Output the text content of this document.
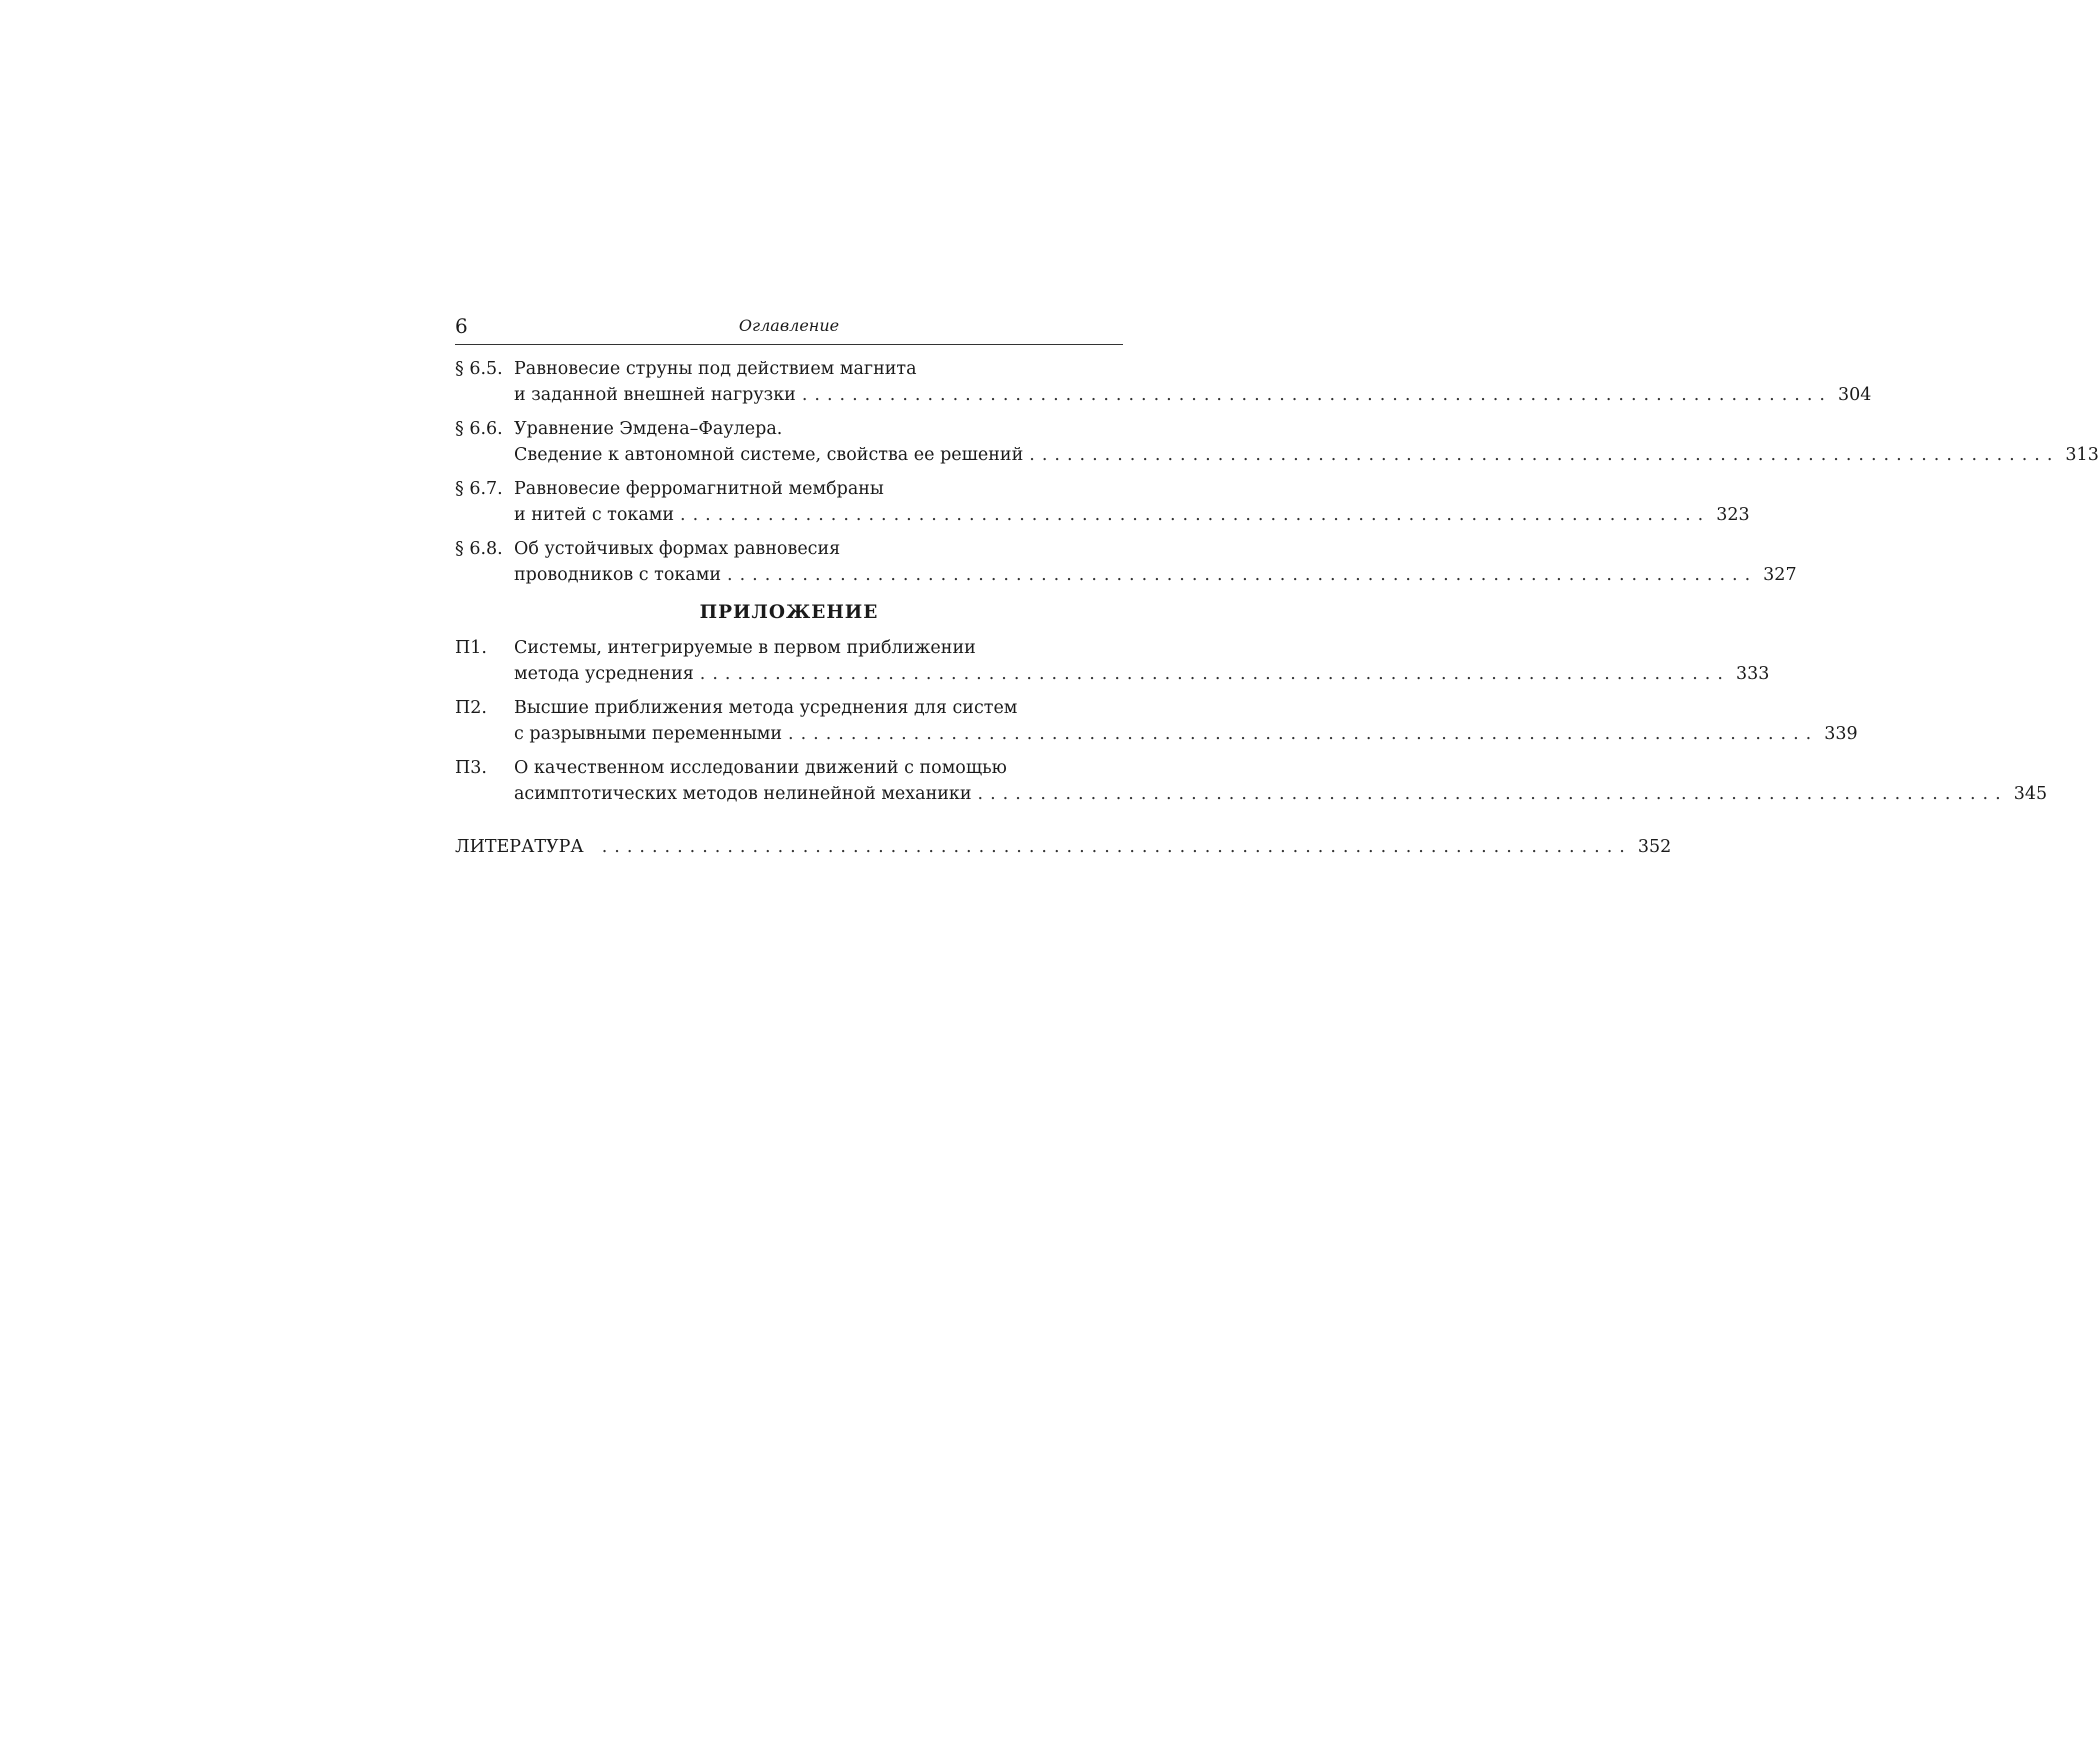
6	Оглавление
§ 6.5. Равновесие струны под действием магнита
и заданной внешней нагрузки .................................................................................. 304
§ 6.6. Уравнение Эмдена–Фаулера.
Сведение к автономной системе, свойства ее решений .................................................................................. 313
§ 6.7. Равновесие ферромагнитной мембраны
и нитей с токами .................................................................................. 323
§ 6.8. Об устойчивых формах равновесия
проводников с токами .................................................................................. 327
ПРИЛОЖЕНИЕ
П1. Системы, интегрируемые в первом приближении
метода усреднения .................................................................................. 333
П2. Высшие приближения метода усреднения для систем
с разрывными переменными .................................................................................. 339
П3. О качественном исследовании движений с помощью
асимптотических методов нелинейной механики .................................................................................. 345
ЛИТЕРАТУРА .................................................................................. 352
